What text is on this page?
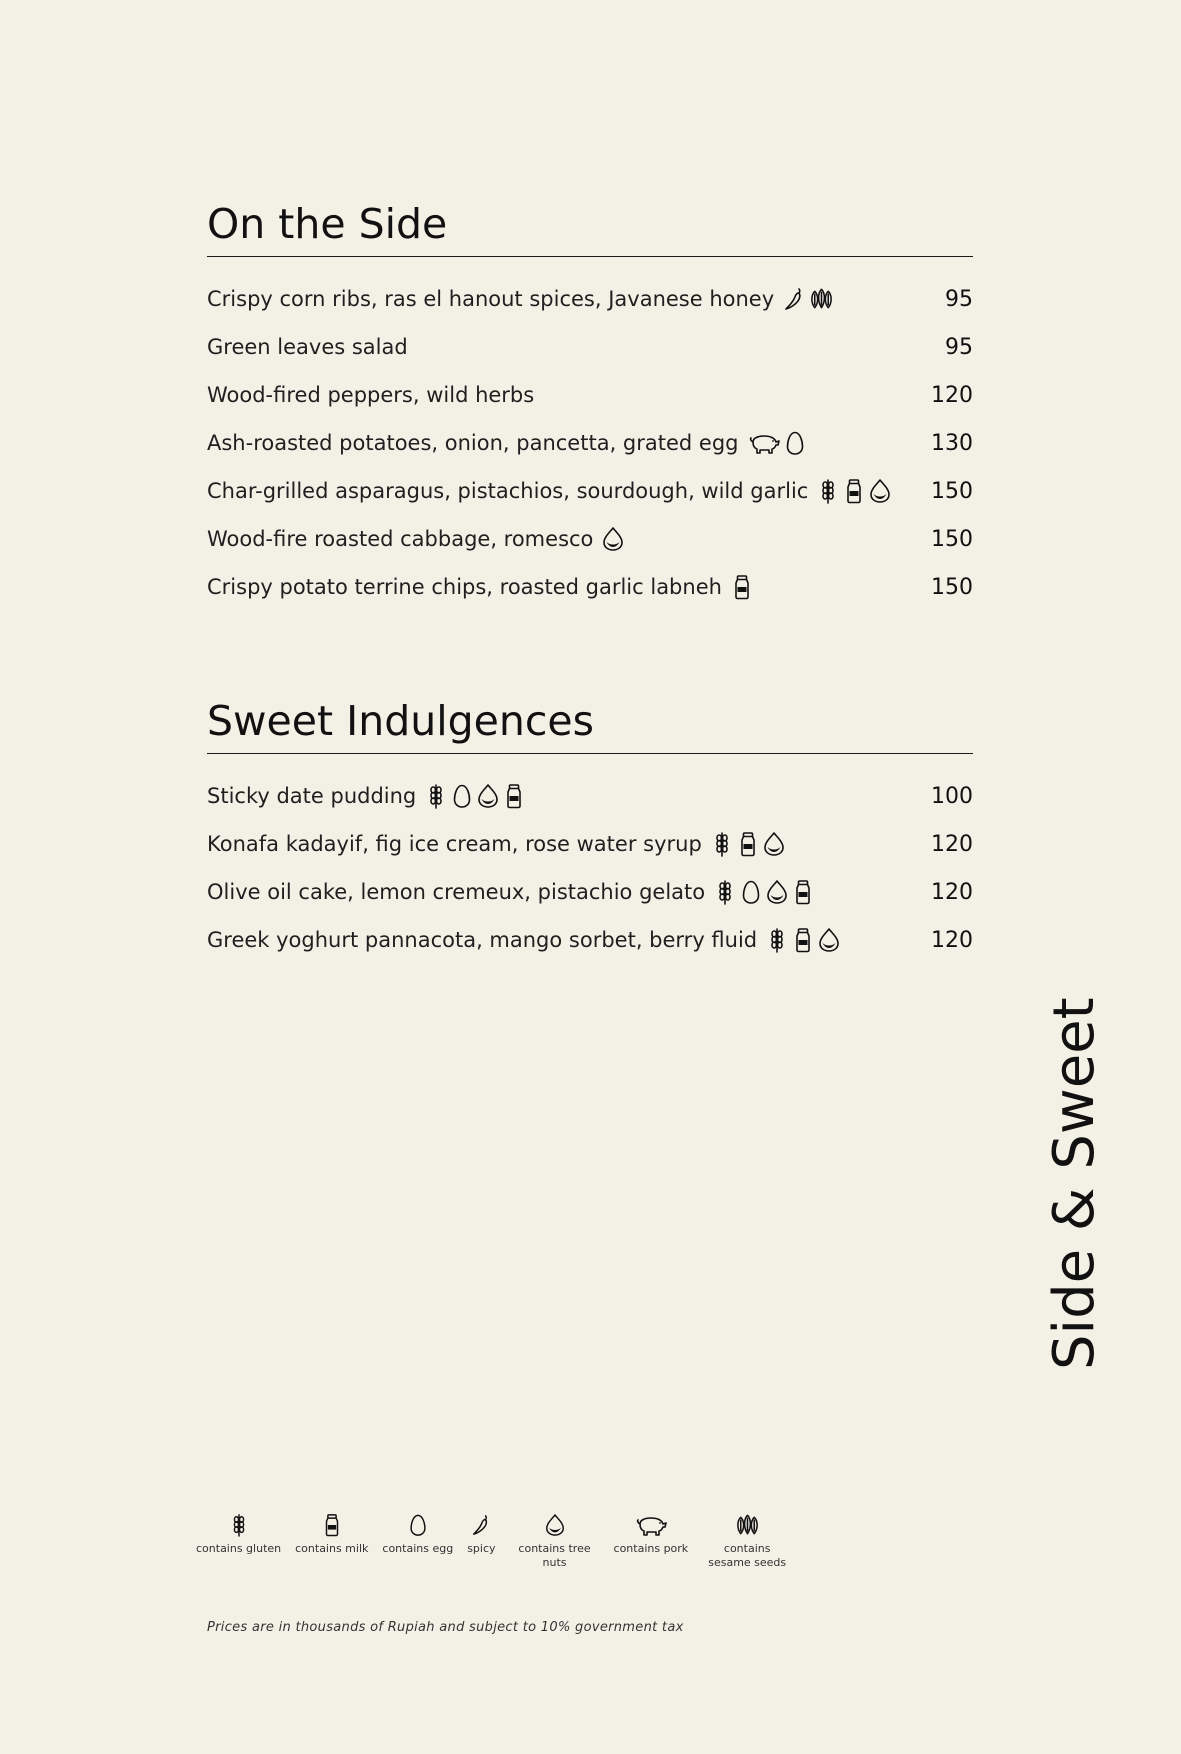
On the Side
Crispy corn ribs, ras el hanout spices, Javanese honey	95
Green leaves salad	95
Wood-fired peppers, wild herbs	120
Ash-roasted potatoes, onion, pancetta, grated egg	130
Char-grilled asparagus, pistachios, sourdough, wild garlic	150
Wood-fire roasted cabbage, romesco	150
Crispy potato terrine chips, roasted garlic labneh	150
Sweet Indulgences
Sticky date pudding	100
Konafa kadayif, fig ice cream, rose water syrup	120
Olive oil cake, lemon cremeux, pistachio gelato	120
Greek yoghurt pannacota, mango sorbet, berry fluid	120
Side & Sweet
contains gluten contains milk contains egg spicy	contains tree nuts
contains pork	contains sesame seeds
Prices are in thousands of Rupiah and subject to 10% government tax
